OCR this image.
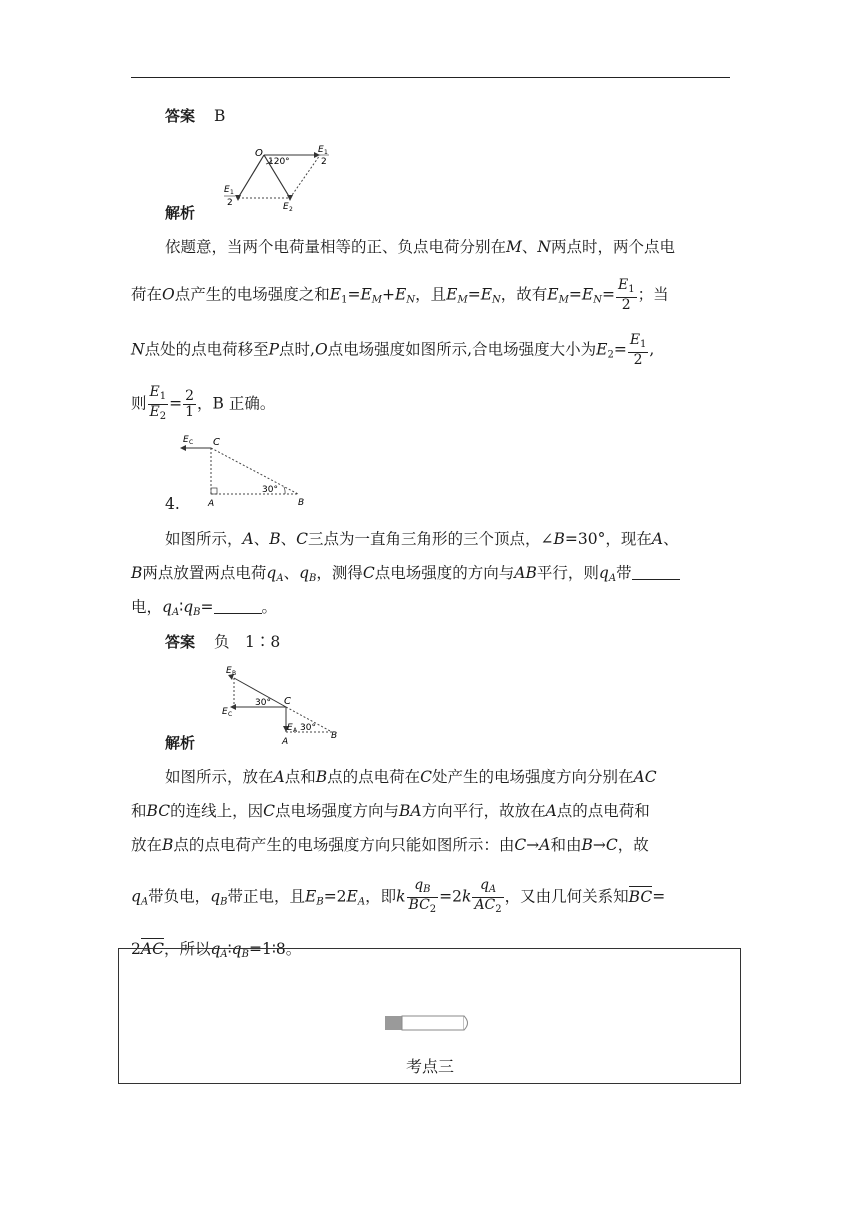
答案 B
O
120°
E 1
2
E 1
2	E 2
解析
依题意，当两个电荷量相等的正、负点电荷分别在M、N两点时，两个点电
荷在O点产生的电场强度之和$E_1=E_M+E_N$，且$E_M=E_N$，故有$E_M=E_N= \frac{E_1}{2}$ ；当
N点处的点电荷移至P点时,O点电场强度如图所示,合电场强度大小为$E_2= \frac{E_1}{2}$ ,
则 $\frac{E_1}{E_2} = \frac{2}{1}$ ，B 正确。
E C C
A	B
30°
4.
如图所示，A、B、C三点为一直角三角形的三个顶点，∠B=30°，现在A、
B两点放置两点电荷$q_A$、$q_B$，测得C点电场强度的方向与AB平行，则$q_A$带
电，$q_A∶q_B=$	。
答案 负　1∶8
E B
E C
C
30°
E A 30°
A
B
解析
如图所示，放在A点和B点的点电荷在C处产生的电场强度方向分别在AC
和BC的连线上，因C点电场强度方向与BA方向平行，故放在A点的点电荷和
放在B点的点电荷产生的电场强度方向只能如图所示：由C→A和由B→C，故
$q_A$带负电，$q_B$带正电，且$E_B=2E_A$，即k $\frac{q_B}{BC_2} =2k \frac{q_A}{AC_2}$ ，又由几何关系知BC=
2AC，所以$q_A∶q_B=1∶8$。
考点三
